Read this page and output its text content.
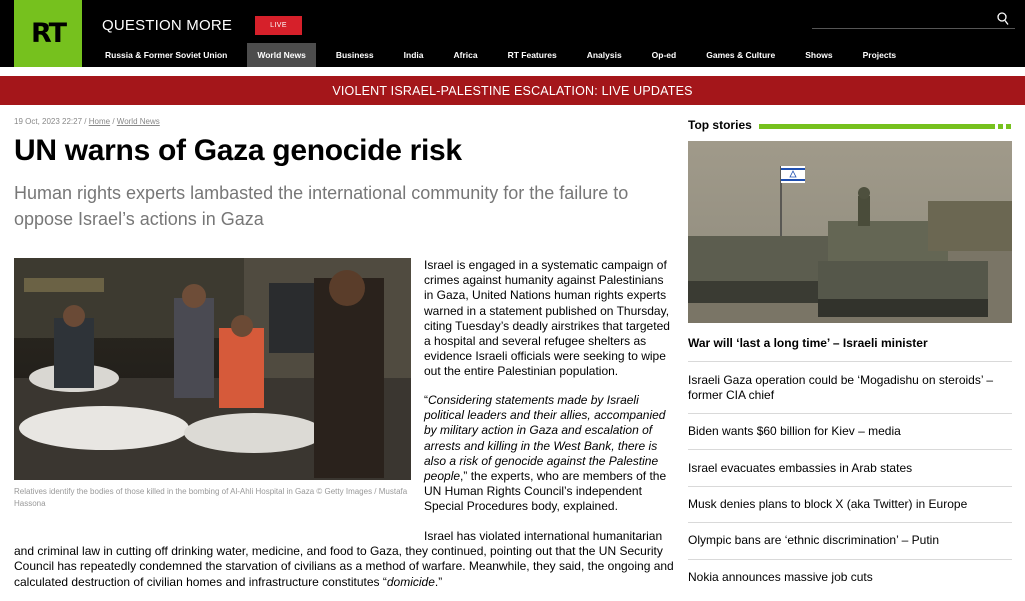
RT QUESTION MORE	LIVE
Russia & Former Soviet Union	World News	Business	India	Africa	RT Features	Analysis	Op-ed	Games & Culture	Shows	Projects
VIOLENT ISRAEL-PALESTINE ESCALATION: LIVE UPDATES
19 Oct, 2023 22:27 / Home / World News
UN warns of Gaza genocide risk
Human rights experts lambasted the international community for the failure to oppose Israel’s actions in Gaza
Relatives identify the bodies of those killed in the bombing of Al-Ahli Hospital in Gaza © Getty Images / Mustafa Hassona

Israel is engaged in a systematic campaign of crimes against humanity against Palestinians in Gaza, United Nations human rights experts warned in a statement published on Thursday, citing Tuesday’s deadly airstrikes that targeted a hospital and several refugee shelters as evidence Israeli officials were seeking to wipe out the entire Palestinian population.

“Considering statements made by Israeli political leaders and their allies, accompanied by military action in Gaza and escalation of arrests and killing in the West Bank, there is also a risk of genocide against the Palestine people,” the experts, who are members of the UN Human Rights Council’s independent Special Procedures body, explained.

Israel has violated international humanitarian and criminal law in cutting off drinking water, medicine, and food to Gaza, they continued, pointing out that the UN Security Council has repeatedly condemned the starvation of civilians as a method of warfare. Meanwhile, they said, the ongoing and calculated destruction of civilian homes and infrastructure constitutes “domicide.”

Top stories
War will ‘last a long time’ – Israeli minister
Israeli Gaza operation could be ‘Mogadishu on steroids’ – former CIA chief
Biden wants $60 billion for Kiev – media
Israel evacuates embassies in Arab states
Musk denies plans to block X (aka Twitter) in Europe
Olympic bans are ‘ethnic discrimination’ – Putin
Nokia announces massive job cuts
